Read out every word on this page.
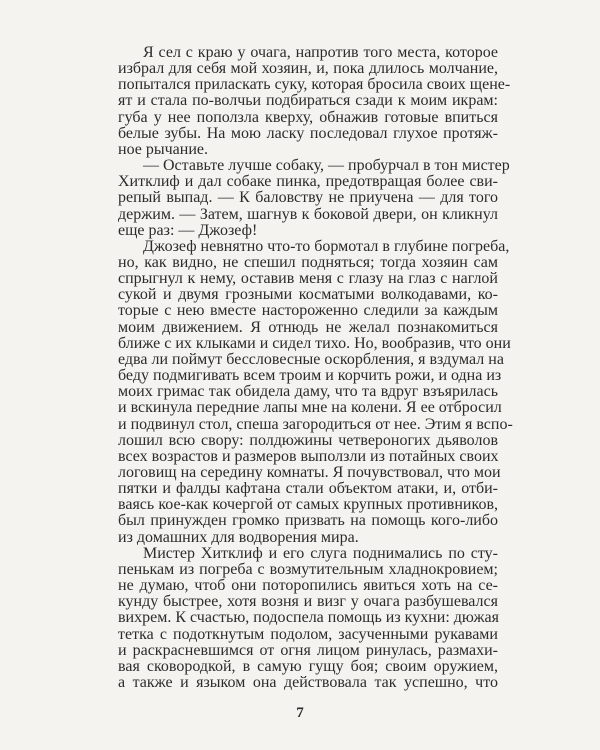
Я сел с краю у очага, напротив того места, которое
избрал для себя мой хозяин, и, пока длилось молчание,
попытался приласкать суку, которая бросила своих щене-
ят и стала по-волчьи подбираться сзади к моим икрам:
губа у нее поползла кверху, обнажив готовые впиться
белые зубы. На мою ласку последовал глухое протяж-
ное рычание.
— Оставьте лучше собаку, — пробурчал в тон мистер
Хитклиф и дал собаке пинка, предотвращая более сви-
репый выпад. — К баловству не приучена — для того
держим. — Затем, шагнув к боковой двери, он кликнул
еще раз: — Джозеф!
Джозеф невнятно что-то бормотал в глубине погреба,
но, как видно, не спешил подняться; тогда хозяин сам
спрыгнул к нему, оставив меня с глазу на глаз с наглой
сукой и двумя грозными косматыми волкодавами, ко-
торые с нею вместе настороженно следили за каждым
моим движением. Я отнюдь не желал познакомиться
ближе с их клыками и сидел тихо. Но, вообразив, что они
едва ли поймут бессловесные оскорбления, я вздумал на
беду подмигивать всем троим и корчить рожи, и одна из
моих гримас так обидела даму, что та вдруг взъярилась
и вскинула передние лапы мне на колени. Я ее отбросил
и подвинул стол, спеша загородиться от нее. Этим я вспо-
лошил всю свору: полдюжины четвероногих дьяволов
всех возрастов и размеров выползли из потайных своих
логовищ на середину комнаты. Я почувствовал, что мои
пятки и фалды кафтана стали объектом атаки, и, отби-
ваясь кое-как кочергой от самых крупных противников,
был принужден громко призвать на помощь кого-либо
из домашних для водворения мира.
Мистер Хитклиф и его слуга поднимались по сту-
пенькам из погреба с возмутительным хладнокровием;
не думаю, чтоб они поторопились явиться хоть на се-
кунду быстрее, хотя возня и визг у очага разбушевался
вихрем. К счастью, подоспела помощь из кухни: дюжая
тетка с подоткнутым подолом, засученными рукавами
и раскрасневшимся от огня лицом ринулась, размахи-
вая сковородкой, в самую гущу боя; своим оружием,
а также и языком она действовала так успешно, что
7
